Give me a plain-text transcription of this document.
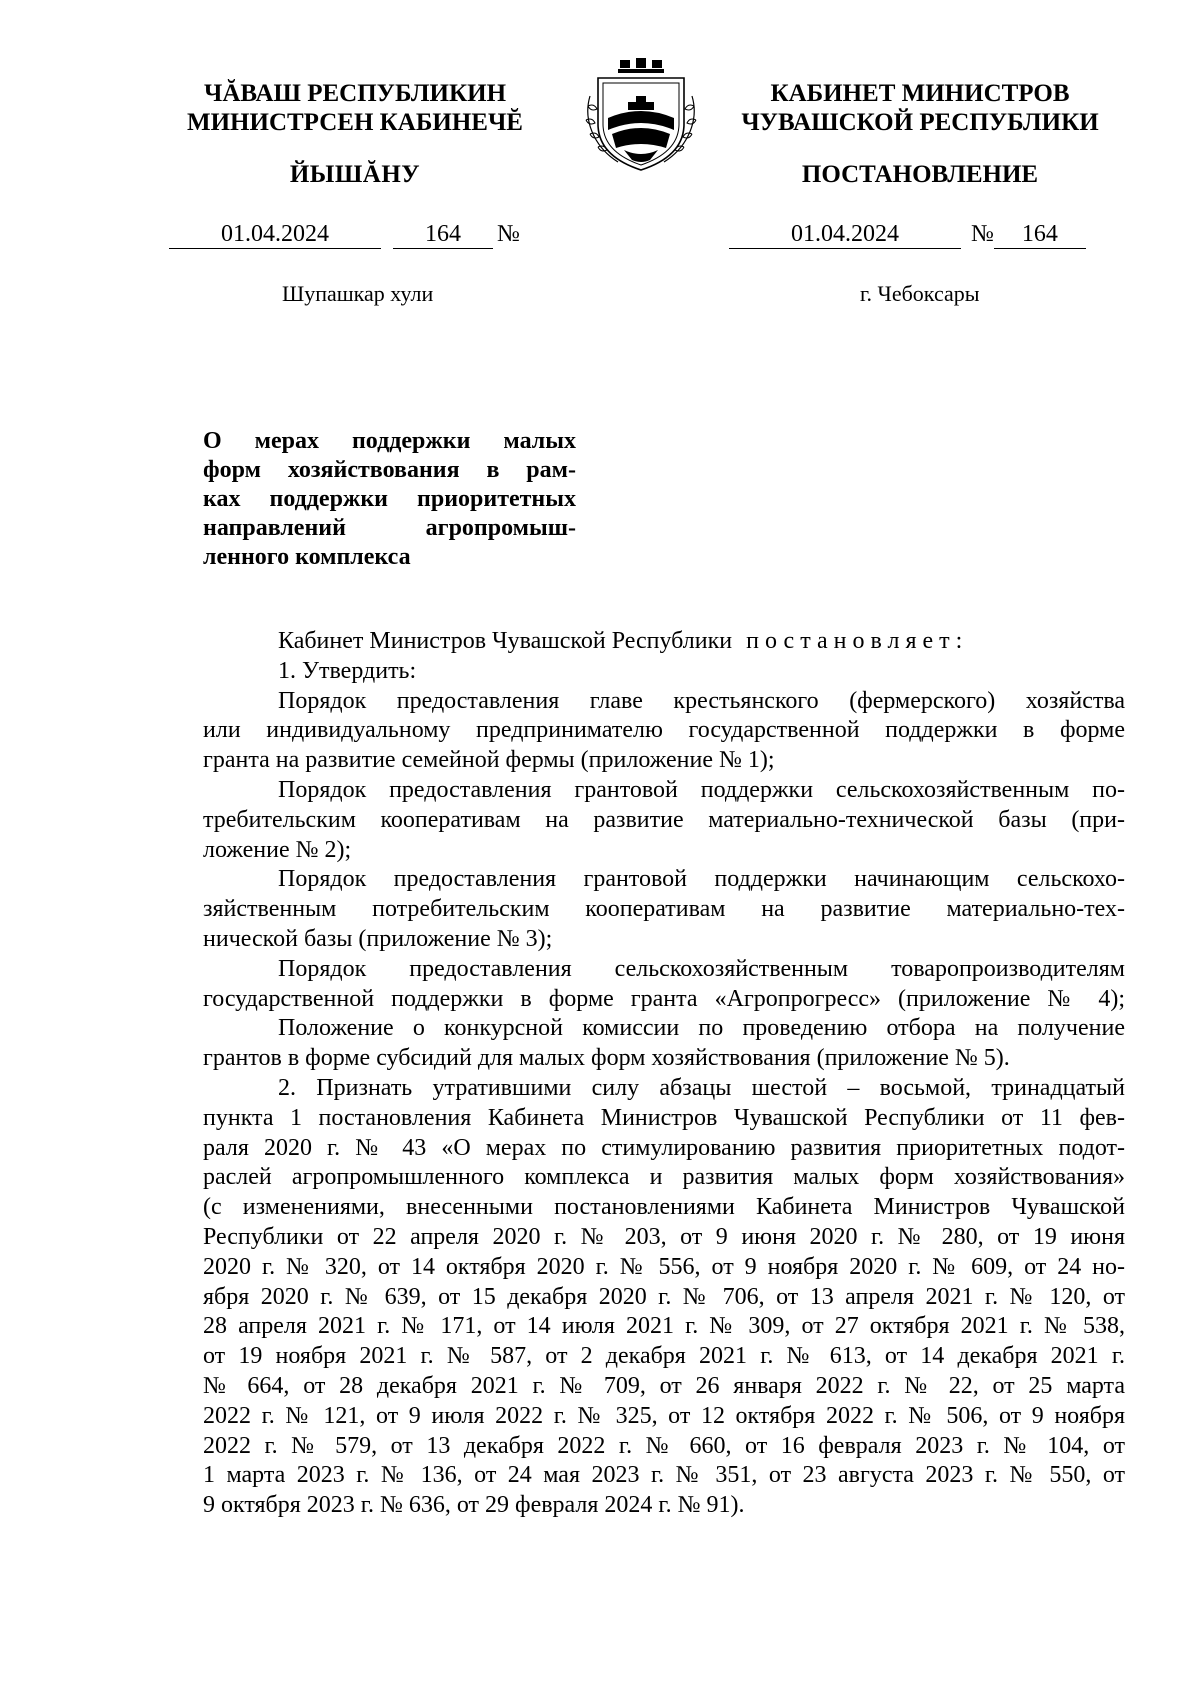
ЧĂВАШ РЕСПУБЛИКИН
МИНИСТРСЕН КАБИНЕЧĔ
ЙЫШĂНУ
КАБИНЕТ МИНИСТРОВ
ЧУВАШСКОЙ РЕСПУБЛИКИ
ПОСТАНОВЛЕНИЕ
01.04.2024	164 №	01.04.2024	№ 164
Шупашкар хули	г. Чебоксары
О мерах поддержки малых
форм хозяйствования в рам-
ках поддержки приоритетных
направлений агропромыш-
ленного комплекса
Кабинет Министров Чувашской Республики постановляет:
1. Утвердить:
Порядок предоставления главе крестьянского (фермерского) хозяйства
или индивидуальному предпринимателю государственной поддержки в форме
гранта на развитие семейной фермы (приложение № 1);
Порядок предоставления грантовой поддержки сельскохозяйственным по-
требительским кооперативам на развитие материально-технической базы (при-
ложение № 2);
Порядок предоставления грантовой поддержки начинающим сельскохо-
зяйственным потребительским кооперативам на развитие материально-тех-
нической базы (приложение № 3);
Порядок предоставления сельскохозяйственным товаропроизводителям
государственной поддержки в форме гранта «Агропрогресс» (приложение № 4);
Положение о конкурсной комиссии по проведению отбора на получение
грантов в форме субсидий для малых форм хозяйствования (приложение № 5).
2. Признать утратившими силу абзацы шестой – восьмой, тринадцатый
пункта 1 постановления Кабинета Министров Чувашской Республики от 11 фев-
раля 2020 г. № 43 «О мерах по стимулированию развития приоритетных подот-
раслей агропромышленного комплекса и развития малых форм хозяйствования»
(с изменениями, внесенными постановлениями Кабинета Министров Чувашской
Республики от 22 апреля 2020 г. № 203, от 9 июня 2020 г. № 280, от 19 июня
2020 г. № 320, от 14 октября 2020 г. № 556, от 9 ноября 2020 г. № 609, от 24 но-
ября 2020 г. № 639, от 15 декабря 2020 г. № 706, от 13 апреля 2021 г. № 120, от
28 апреля 2021 г. № 171, от 14 июля 2021 г. № 309, от 27 октября 2021 г. № 538,
от 19 ноября 2021 г. № 587, от 2 декабря 2021 г. № 613, от 14 декабря 2021 г.
№ 664, от 28 декабря 2021 г. № 709, от 26 января 2022 г. № 22, от 25 марта
2022 г. № 121, от 9 июля 2022 г. № 325, от 12 октября 2022 г. № 506, от 9 ноября
2022 г. № 579, от 13 декабря 2022 г. № 660, от 16 февраля 2023 г. № 104, от
1 марта 2023 г. № 136, от 24 мая 2023 г. № 351, от 23 августа 2023 г. № 550, от
9 октября 2023 г. № 636, от 29 февраля 2024 г. № 91).
